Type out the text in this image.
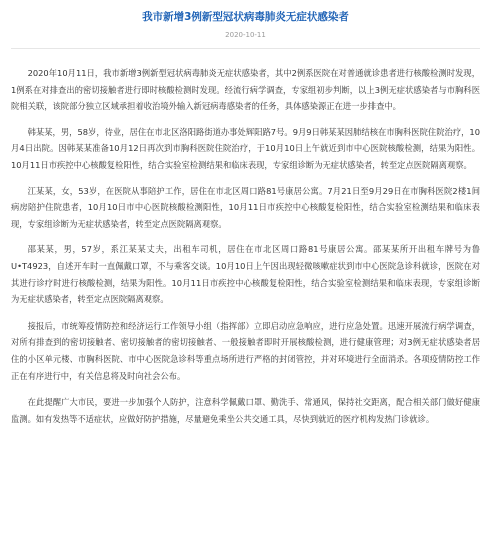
我市新增3例新型冠状病毒肺炎无症状感染者
2020-10-11

2020年10月11日，我市新增3例新型冠状病毒肺炎无症状感染者，其中2例系医院在对普通就诊患者进行核酸检测时发现，1例系在对排查出的密切接触者进行即时核酸检测时发现。经流行病学调查，专家组初步判断，以上3例无症状感染者与市胸科医院相关联，该院部分独立区域承担着收治境外输入新冠病毒感染者的任务，具体感染源正在进一步排查中。

韩某某，男，58岁，待业，居住在市北区洛阳路街道办事处辉阳路7号。9月9日韩某某因肺结核在市胸科医院住院治疗，10月4日出院。因韩某某准备10月12日再次到市胸科医院住院治疗，于10月10日上午就近到市中心医院核酸检测，结果为阳性。10月11日市疾控中心核酸复检阳性，结合实验室检测结果和临床表现，专家组诊断为无症状感染者，转至定点医院隔离观察。

江某某，女，53岁，在医院从事陪护工作，居住在市北区周口路81号康居公寓。7月21日至9月29日在市胸科医院2楼1间病房陪护住院患者，10月10日市中心医院核酸检测阳性，10月11日市疾控中心核酸复检阳性，结合实验室检测结果和临床表现，专家组诊断为无症状感染者，转至定点医院隔离观察。

邵某某，男，57岁，系江某某丈夫，出租车司机，居住在市北区周口路81号康居公寓。邵某某所开出租车牌号为鲁U•T4923，自述开车时一直佩戴口罩，不与乘客交谈。10月10日上午因出现轻微咳嗽症状到市中心医院急诊科就诊，医院在对其进行诊疗时进行核酸检测，结果为阳性。10月11日市疾控中心核酸复检阳性，结合实验室检测结果和临床表现，专家组诊断为无症状感染者，转至定点医院隔离观察。

接报后，市统筹疫情防控和经济运行工作领导小组（指挥部）立即启动应急响应，进行应急处置。迅速开展流行病学调查，对所有排查到的密切接触者、密切接触者的密切接触者、一般接触者即时开展核酸检测，进行健康管理；对3例无症状感染者居住的小区单元楼、市胸科医院、市中心医院急诊科等重点场所进行严格的封闭管控，并对环境进行全面消杀。各项疫情防控工作正在有序进行中，有关信息将及时向社会公布。

在此提醒广大市民，要进一步加强个人防护，注意科学佩戴口罩、勤洗手、常通风，保持社交距离，配合相关部门做好健康监测。如有发热等不适症状，应做好防护措施，尽量避免乘坐公共交通工具，尽快到就近的医疗机构发热门诊就诊。
